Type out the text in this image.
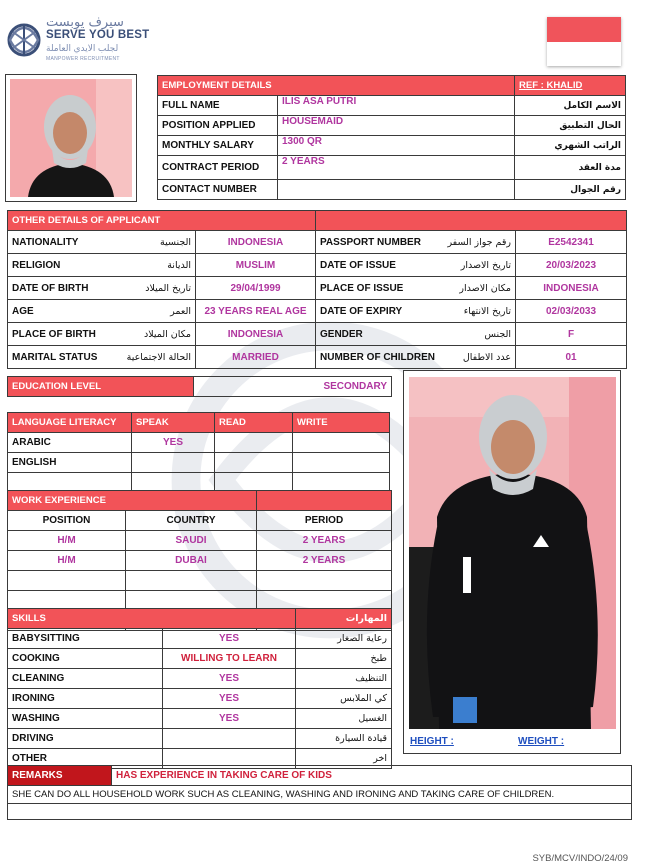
سيرف يوبست
SERVE YOU BEST
لجلب الايدي العاملة
MANPOWER RECRUITMENT
EMPLOYMENT DETAILS		REF : KHALID
FULL NAME	ILIS ASA PUTRI	الاسم الكامل
POSITION APPLIED	HOUSEMAID	الحال التطبيق
MONTHLY SALARY	1300 QR	الراتب الشهري
CONTRACT PERIOD	2 YEARS	مدة العقد
CONTACT NUMBER		رقم الجوال
OTHER DETAILS OF APPLICANT			

NATIONALITY الجنسية	INDONESIA	PASSPORT NUMBER رقم جواز السفر	E2542341

RELIGION الديانة	MUSLIM	DATE OF ISSUE تاريخ الاصدار	20/03/2023

DATE OF BIRTH تاريخ الميلاد	29/04/1999	PLACE OF ISSUE مكان الاصدار	INDONESIA

AGE العمر	23 YEARS REAL AGE	DATE OF EXPIRY تاريخ الانتهاء	02/03/2033

PLACE OF BIRTH مكان الميلاد	INDONESIA	GENDER الجنس	F

MARITAL STATUS الحالة الاجتماعية	MARRIED	NUMBER OF CHILDREN عدد الاطفال	01
EDUCATION LEVEL	SECONDARY
LANGUAGE LITERACY	SPEAK	READ	WRITE
ARABIC	YES		
ENGLISH			

WORK EXPERIENCE		
POSITION	COUNTRY	PERIOD
H/M	SAUDI	2 YEARS
H/M	DUBAI	2 YEARS

SKILLS		المهارات
BABYSITTING	YES	رعاية الصغار
COOKING	WILLING TO LEARN	طبخ
CLEANING	YES	التنظيف
IRONING	YES	كي الملابس
WASHING	YES	الغسيل
DRIVING		قيادة السيارة
OTHER		اخر
HEIGHT :	WEIGHT :
REMARKS	HAS EXPERIENCE IN TAKING CARE OF KIDS
SHE CAN DO ALL HOUSEHOLD WORK SUCH AS CLEANING, WASHING AND IRONING AND TAKING CARE OF CHILDREN.

SYB/MCV/INDO/24/09
